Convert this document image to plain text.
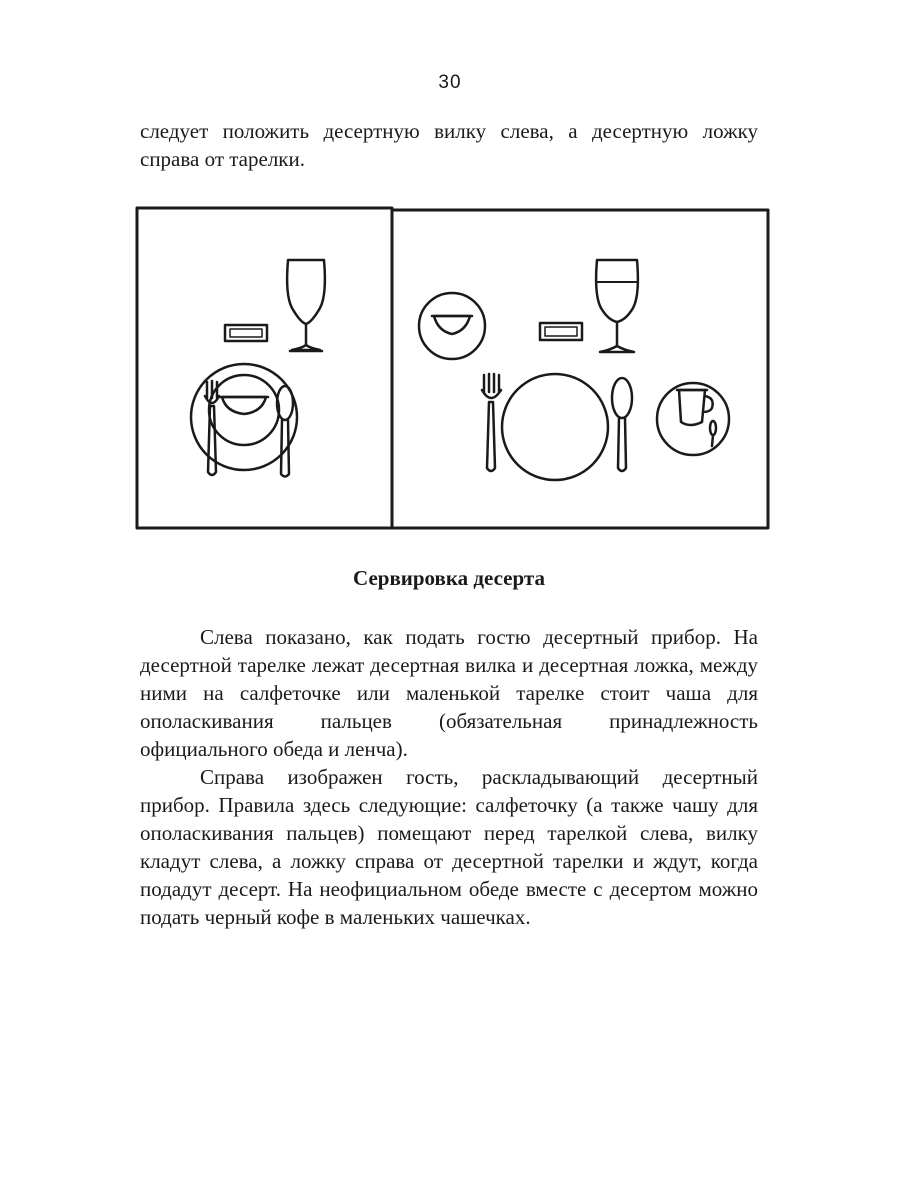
30
следует положить десертную вилку слева, а десертную ложку справа от тарелки.
Сервировка десерта

Слева показано, как подать гостю десертный прибор. На десертной тарелке лежат десертная вилка и десертная ложка, между ними на салфеточке или маленькой тарелке стоит чаша для ополаскивания пальцев (обязательная принадлежность официального обеда и ленча).

Справа изображен гость, раскладывающий десертный прибор. Правила здесь следующие: салфеточку (а также чашу для ополаскивания пальцев) помещают перед тарелкой слева, вилку кладут слева, а ложку справа от десертной тарелки и ждут, когда подадут десерт. На неофициальном обеде вместе с десертом можно подать черный кофе в маленьких чашечках.
